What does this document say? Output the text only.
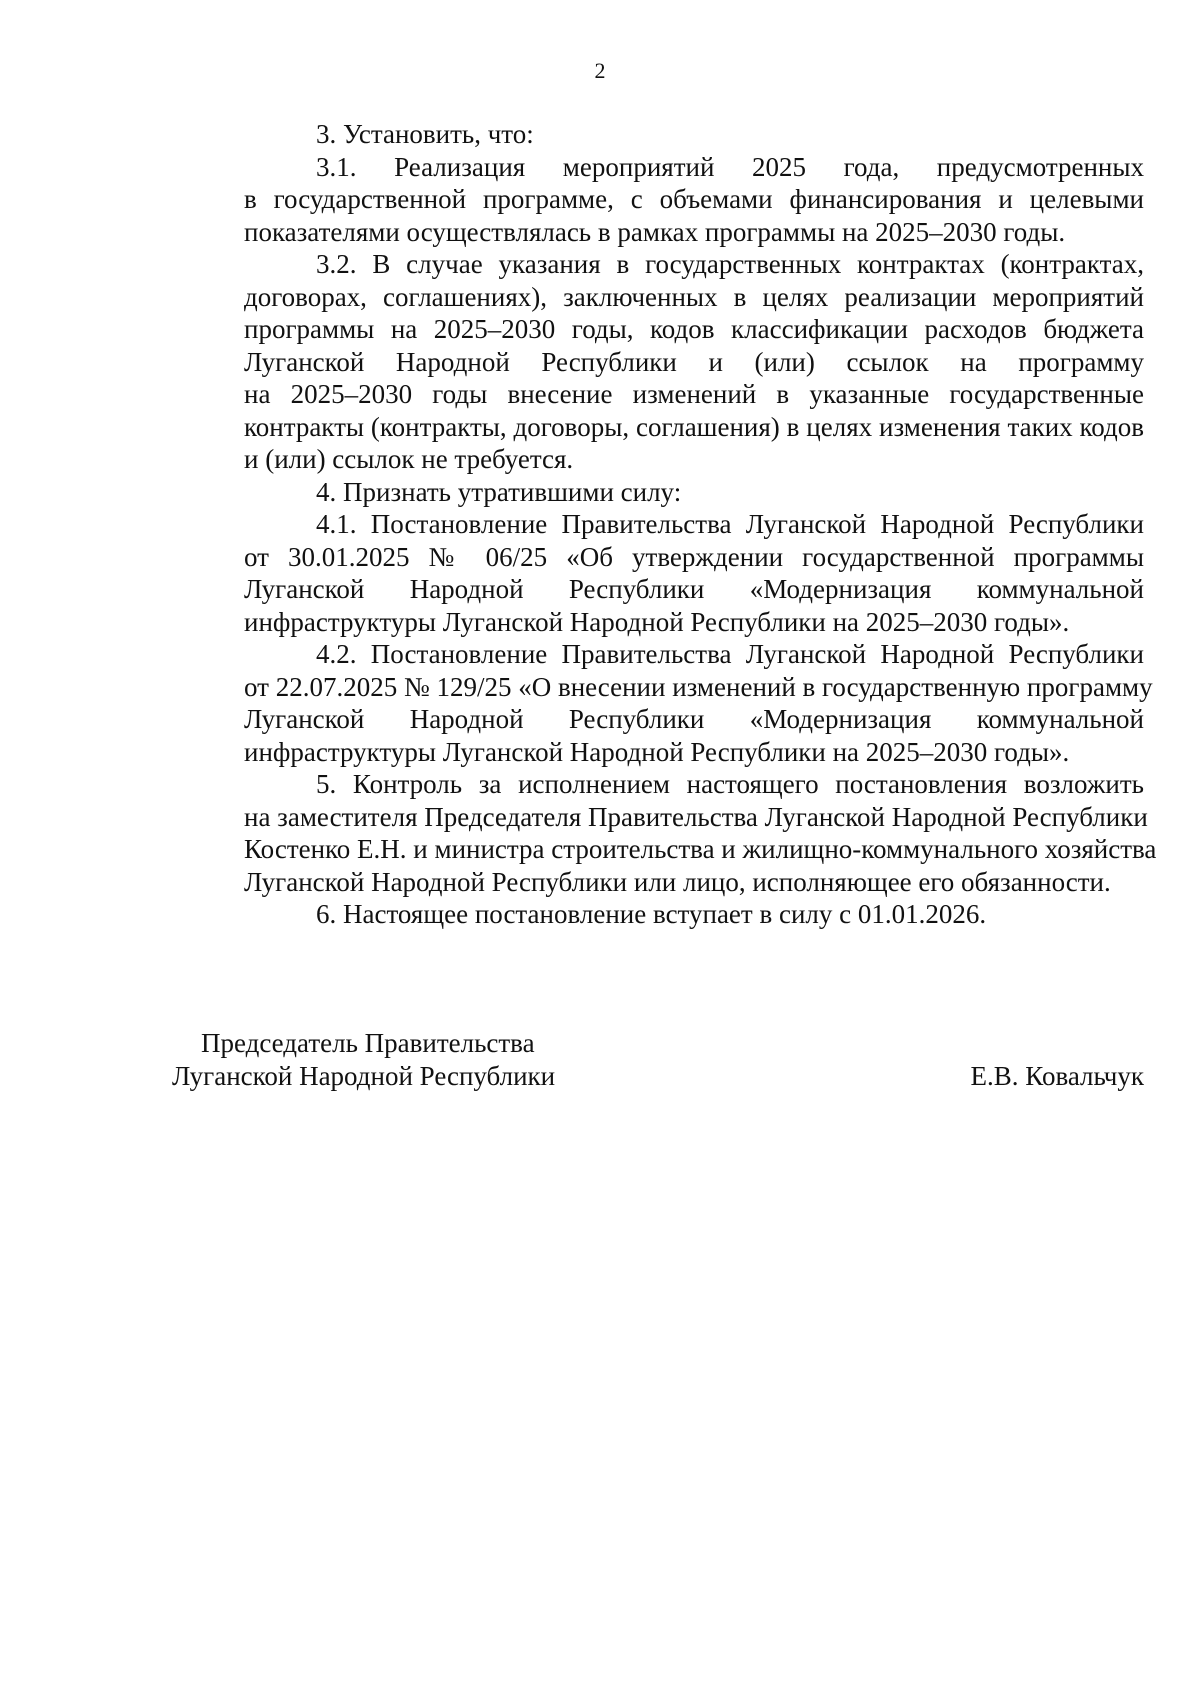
2
3. Установить, что:
3.1. Реализация мероприятий 2025 года, предусмотренных
в государственной программе, с объемами финансирования и целевыми
показателями осуществлялась в рамках программы на 2025–2030 годы.
3.2. В случае указания в государственных контрактах (контрактах,
договорах, соглашениях), заключенных в целях реализации мероприятий
программы на 2025–2030 годы, кодов классификации расходов бюджета
Луганской Народной Республики и (или) ссылок на программу
на 2025–2030 годы внесение изменений в указанные государственные
контракты (контракты, договоры, соглашения) в целях изменения таких кодов
и (или) ссылок не требуется.
4. Признать утратившими силу:
4.1. Постановление Правительства Луганской Народной Республики
от 30.01.2025 № 06/25 «Об утверждении государственной программы
Луганской Народной Республики «Модернизация коммунальной
инфраструктуры Луганской Народной Республики на 2025–2030 годы».
4.2. Постановление Правительства Луганской Народной Республики
от 22.07.2025 № 129/25 «О внесении изменений в государственную программу
Луганской Народной Республики «Модернизация коммунальной
инфраструктуры Луганской Народной Республики на 2025–2030 годы».
5. Контроль за исполнением настоящего постановления возложить
на заместителя Председателя Правительства Луганской Народной Республики
Костенко Е.Н. и министра строительства и жилищно-коммунального хозяйства
Луганской Народной Республики или лицо, исполняющее его обязанности.
6. Настоящее постановление вступает в силу с 01.01.2026.
Председатель Правительства
Луганской Народной Республики	Е.В. Ковальчук
